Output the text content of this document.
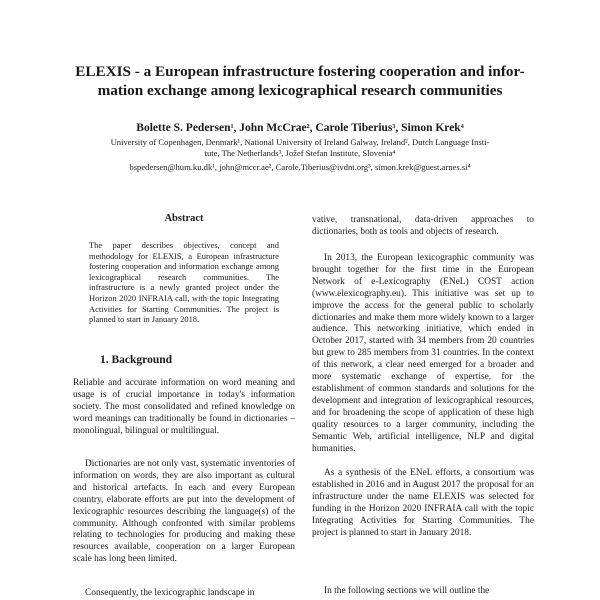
ELEXIS - a European infrastructure fostering cooperation and infor-
mation exchange among lexicographical research communities
Bolette S. Pedersen$^1$, John McCrae$^2$, Carole Tiberius$^3$, Simon Krek$^4$
University of Copenhagen, Denmark¹, National University of Ireland Galway, Ireland², Dutch Language Insti-
tute, The Netherlands³, Jožef Stefan Institute, Slovenia⁴
bspedersen@hum.ku.dk¹, john@mccr.ae², Carole.Tiberius@ivdnt.org³, simon.krek@guest.arnes.si⁴
Abstract
The paper describes objectives, concept and methodology for ELEXIS, a European infrastructure fostering cooperation and information exchange among lexicographical research communities. The infrastructure is a newly granted project under the Horizon 2020 INFRAIA call, with the topic Integrating Activities for Starting Communities. The project is planned to start in January 2018.
1. Background
Reliable and accurate information on word meaning and usage is of crucial importance in today's information society. The most consolidated and refined knowledge on word meanings can traditionally be found in dictionaries – monolingual, bilingual or multilingual.
Dictionaries are not only vast, systematic inventories of information on words, they are also important as cultural and historical artefacts. In each and every European country, elaborate efforts are put into the development of lexicographic resources describing the language(s) of the community. Although confronted with similar problems relating to technologies for producing and making these resources available, cooperation on a larger European scale has long been limited.
Consequently, the lexicographic landscape in
vative, transnational, data-driven approaches to dictionaries, both as tools and objects of research.
In 2013, the European lexicographic community was brought together for the first time in the European Network of e-Lexicography (ENeL) COST action (www.elexicography.eu). This initiative was set up to improve the access for the general public to scholarly dictionaries and make them more widely known to a larger audience. This networking initiative, which ended in October 2017, started with 34 members from 20 countries but grew to 285 members from 31 countries. In the context of this network, a clear need emerged for a broader and more systematic exchange of expertise, for the establishment of common standards and solutions for the development and integration of lexicographical resources, and for broadening the scope of application of these high quality resources to a larger community, including the Semantic Web, artificial intelligence, NLP and digital humanities.
As a synthesis of the ENeL efforts, a consortium was established in 2016 and in August 2017 the proposal for an infrastructure under the name ELEXIS was selected for funding in the Horizon 2020 INFRAIA call with the topic Integrating Activities for Starting Communities. The project is planned to start in January 2018.
In the following sections we will outline the
